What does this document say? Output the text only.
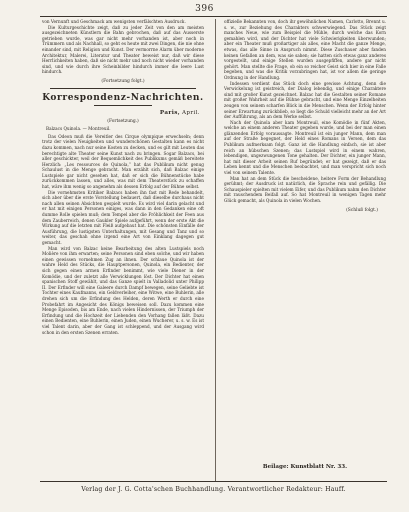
396

von Vernunft und Geschmack am wenigsten verfälschten Ausdruck.

Die Kulturgeschichte zeigt, daß zu jeder Zeit von den am meisten ausgezeichneten Künstlern die Bahn gebrochen, daß auf das Ausserste getrieben wurde, was gar nicht mehr vorhanden ist, aber noch in Trümmern und als Nachhall, so geht es heute mit zwei Dingen, die nie ohne einander sind, mit Religion und Kunst. Der vermorrne Alarm über moderne Architektur, Malerei, Literatur und Theater beweist nur, daß wir diese Herrlichkeiten haben, daß sie nicht mehr und noch nicht wieder vorhanden sind, und wie durch ihre Scheinbilder hindurch immer die leere Lust hindurch.

(Fortsetzung folgt.)
Korrespondenz-Nachrichten.
Paris, April.
(Fortsetzung.)
Balzacs Quinola. — Montreuil.

Das Odeon muß die Vereitler des Cirque olympique erwechseln; denn trotz der vielen Neuigkeiten und wunderschönen Gestalten kann es nicht dazu kommen, nach nur seine Kosten zu decken, und es gilt mit Leuten das berechtigte alte Theater seine Kunst nach zu bringen. Sogar Balzacs, bei aller geschickter, weil der Bequemlichkeit des Publikums gemäß bereitete Herzlich: „Les ressources de Quinola,“ hat das Publikum nicht genug Schaulust in die Menge gebracht. Man erzählt sich, daß Balzac einige Lustspiele gar nicht gesehen hat, daß er sich die Bühnenstücke habe zurückkommen lassen, und alles, was mit dem Theaterstück zu schaffen hat, wäre ihm wenig so angenehm als dessen Erfolg auf der Bühne selbst.

Die vornehmsten Kritiker Balzacs haben ihn fast mit Rede behandelt, sich aber über die erste Vorstellung bedauert, daß dieselbe durchaus nicht nach allen seinen Absichten gespielt wurde. Es wird viel darin gelacht und er hat mit einigen Personen einiges, was dann in den Gedanken eine oft dumme Rolle spielen muß; dem Tempel aber die Fröhlichkeit der Feen aus dem Zauberreich, denen Gaukler Spiele aufgeführt, wenn der erste Akt die Wirkung auf die letzten mit Fleiß aufgebaut hat. Die schönsten Einfälle der Ausführung, die lustigsten Unterhaltungen, mit Gesang und Tanz und so weiter, das geschah ohne irgend eine Art von Einklang dagegen gut gemacht.

Man wird von Balzac keine Bearbeitung des alten Lustspiels noch Molière von ihm erwarten; seine Personen sind eben solche, und wir haben einen gewissen vornehmen Zug an ihnen. Der schlaue Quinola ist der wahre Held des Stücks, die Hauptpersonen, Quinola, ein Bedienter, der sich gegen einen armen Erfinder benimmt, wie viele Diener in der Komödie, und der zuletzt alle Verwicklungen löst. Der Dichter hat einen spanischen Stoff gewählt, und das Ganze spielt in Valladolid unter Philipp II. Der Erfinder will eine Galeere durch Dampf bewegen, seine Geliebte ist Tochter eines Kaufmanns, ein Geldverleiher, eine Witwe, eine Buhlerin, alle drehen sich um die Erfindung des Helden, deren Werth er durch eine Probefahrt im Angesicht des Königs beweisen soll. Dazu kommen eine Menge Episoden, bis am Ende, nach vielen Hindernissen, der Triumph der Erfindung und die Hochzeit der Liebenden den Vorhang fallen läßt. Dazu einen Bedienten, eine Buhlerin, einen Juden, einen Wucherer, u. s. w. Es ist viel Talent darin, aber der Gang ist schleppend, und der Ausgang wird schon in den ersten Szenen erraten.

offizielle Bekannten von, doch ihr gewöhnlichen Namen, Carlotto, Brennt u. s. w., zur Beziehung des Charakters schwerwiegend. Das Stück zeigt manches Neue, wie zum Beispiel die Mühle, durch welche das Korn gemahlen wird, und der Dichter hat viele Schwierigkeiten überwunden; aber ein Theater muß großartiger als alles, eine Macht die ganze Menge, etwas, das alle Sinne in Anspruch nimmt. Diese Zuschauer aber fanden keinen Gefallen an dem, was sie sahen; sie hatten sich etwas ganz anderes vorgestellt, und einige Stellen wurden ausgepfiffen, andere gar nicht gehört. Man stellte die Frage, ob ein so reicher Geist sich hier in eine Falle begeben, und was die Kritik vorzubringen hat, ist vor allem die geringe Ordnung in der Handlung.

Indessen verdient das Stück doch eine gewisse Achtung, denn die Verwickelung ist geistreich, der Dialog lebendig, und einige Charaktere sind mit großer Kunst gezeichnet. Balzac hat die Gestalten seiner Romane mit großer Wahrheit auf die Bühne gebracht, und eine Menge Einzelheiten zeugen von seinem scharfen Blick in die Menschen. Wenn der Erfolg hinter seiner Erwartung zurückblieb, so liegt die Schuld vielleicht mehr an der Art der Aufführung, als an dem Werke selbst.

Nach der Quinola aber kam Montreuil, eine Komödie in fünf Akten, welche an einem anderen Theater gegeben wurde, und bei der man einen glänzenden Erfolg voraussagte. Montreuil ist ein junger Mann, dem man auf der Straße begegnet, der Held eines Romans in Versen, dem das Publikum aufmerksam folgt. Ganz ist die Handlung einfach, sie ist aber reich an hübschen Szenen; das Lustspiel wird in einem wahren, lebendigen, ungezwungenen Tone gehalten. Der Dichter, ein junger Mann, hat mit dieser Arbeit seinen Ruf begründet; er hat gezeigt, daß er das Leben kennt und die Menschen beobachtet, und man verspricht sich noch viel von seinem Talente.

Man hat an dem Stück die bescheidene, heitere Form der Behandlung gerühmt; der Ausdruck ist natürlich, die Sprache rein und gefällig. Die Schauspieler spielten mit vielem Eifer, und das Publikum nahm den Dichter mit rauschendem Beifall auf. So hat Montreuil in wenigen Tagen mehr Glück gemacht, als Quinola in vielen Wochen.

(Schluß folgt.)
Beilage: Kunstblatt Nr. 33.
Verlag der J. G. Cotta'schen Buchhandlung. Verantwortlicher Redakteur: Hauff.
